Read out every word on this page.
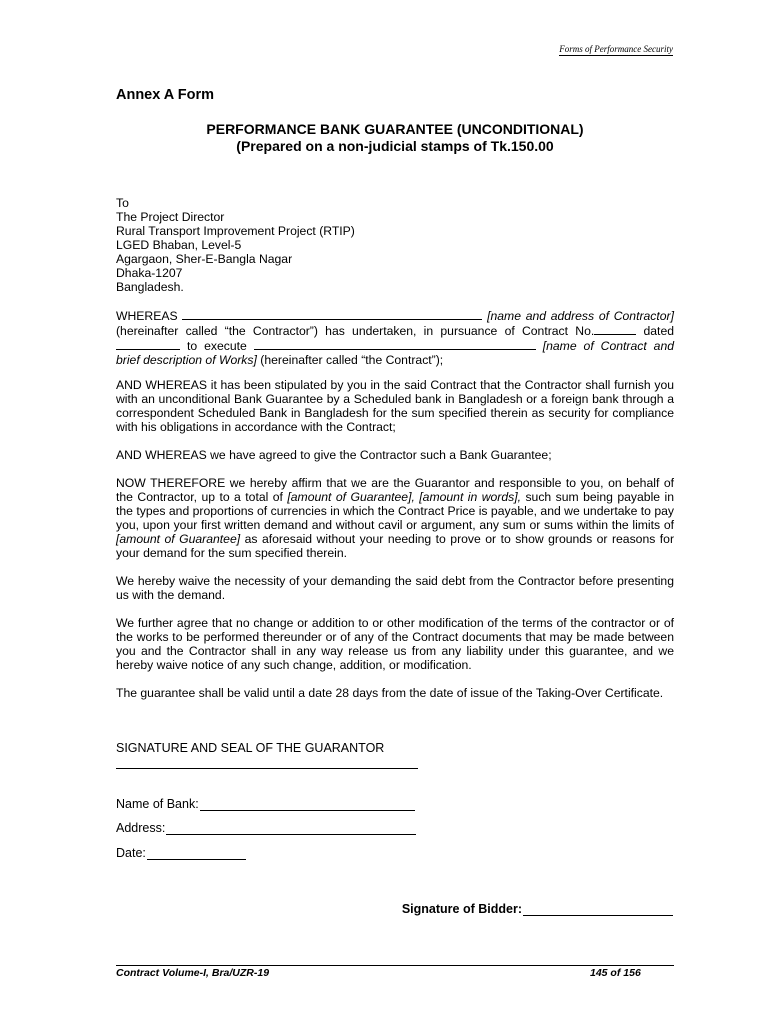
Forms of Performance Security
Annex A Form
PERFORMANCE BANK GUARANTEE (UNCONDITIONAL)
(Prepared on a non-judicial stamps of Tk.150.00
To
The Project Director
Rural Transport Improvement Project (RTIP)
LGED Bhaban, Level-5
Agargaon, Sher-E-Bangla Nagar
Dhaka-1207
Bangladesh.

WHEREAS	[name and address of Contractor] (hereinafter called “the Contractor”) has undertaken, in pursuance of Contract No.	dated  to execute	[name of Contract and brief description of Works] (hereinafter called “the Contract”);

AND WHEREAS it has been stipulated by you in the said Contract that the Contractor shall furnish you with an unconditional Bank Guarantee by a Scheduled bank in Bangladesh or a foreign bank through a correspondent Scheduled Bank in Bangladesh for the sum specified therein as security for compliance with his obligations in accordance with the Contract;

AND WHEREAS we have agreed to give the Contractor such a Bank Guarantee;

NOW THEREFORE we hereby affirm that we are the Guarantor and responsible to you, on behalf of the Contractor, up to a total of [amount of Guarantee], [amount in words], such sum being payable in the types and proportions of currencies in which the Contract Price is payable, and we undertake to pay you, upon your first written demand and without cavil or argument, any sum or sums within the limits of [amount of Guarantee] as aforesaid without your needing to prove or to show grounds or reasons for your demand for the sum specified therein.

We hereby waive the necessity of your demanding the said debt from the Contractor before presenting us with the demand.

We further agree that no change or addition to or other modification of the terms of the contractor or of the works to be performed thereunder or of any of the Contract documents that may be made between you and the Contractor shall in any way release us from any liability under this guarantee, and we hereby waive notice of any such change, addition, or modification.

The guarantee shall be valid until a date 28 days from the date of issue of the Taking-Over Certificate.

SIGNATURE AND SEAL OF THE GUARANTOR
Name of Bank:
Address:
Date:
Signature of Bidder:
Contract Volume-I, Bra/UZR-19	145 of 156
